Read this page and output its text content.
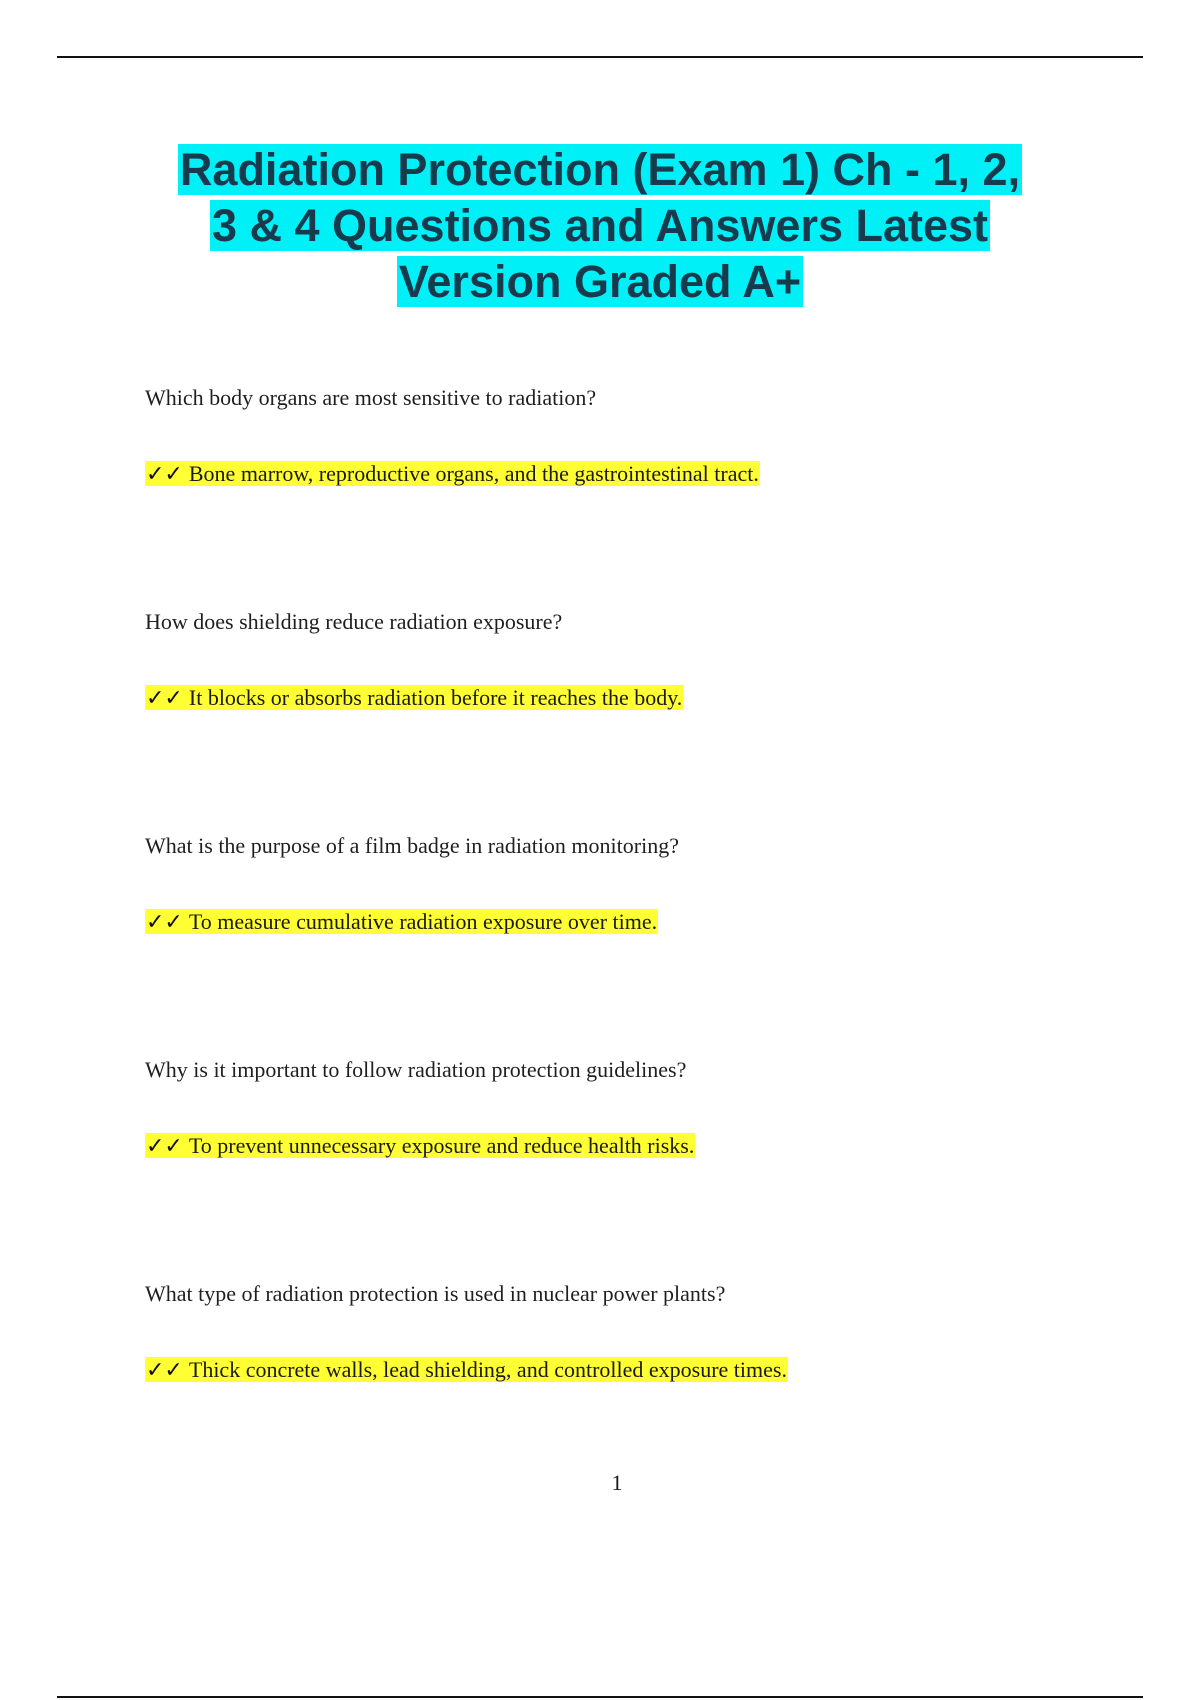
Radiation Protection (Exam 1) Ch - 1, 2,
3 & 4 Questions and Answers Latest
Version Graded A+

Which body organs are most sensitive to radiation?

✓✓ Bone marrow, reproductive organs, and the gastrointestinal tract.

How does shielding reduce radiation exposure?

✓✓ It blocks or absorbs radiation before it reaches the body.

What is the purpose of a film badge in radiation monitoring?

✓✓ To measure cumulative radiation exposure over time.

Why is it important to follow radiation protection guidelines?

✓✓ To prevent unnecessary exposure and reduce health risks.

What type of radiation protection is used in nuclear power plants?

✓✓ Thick concrete walls, lead shielding, and controlled exposure times.

1
